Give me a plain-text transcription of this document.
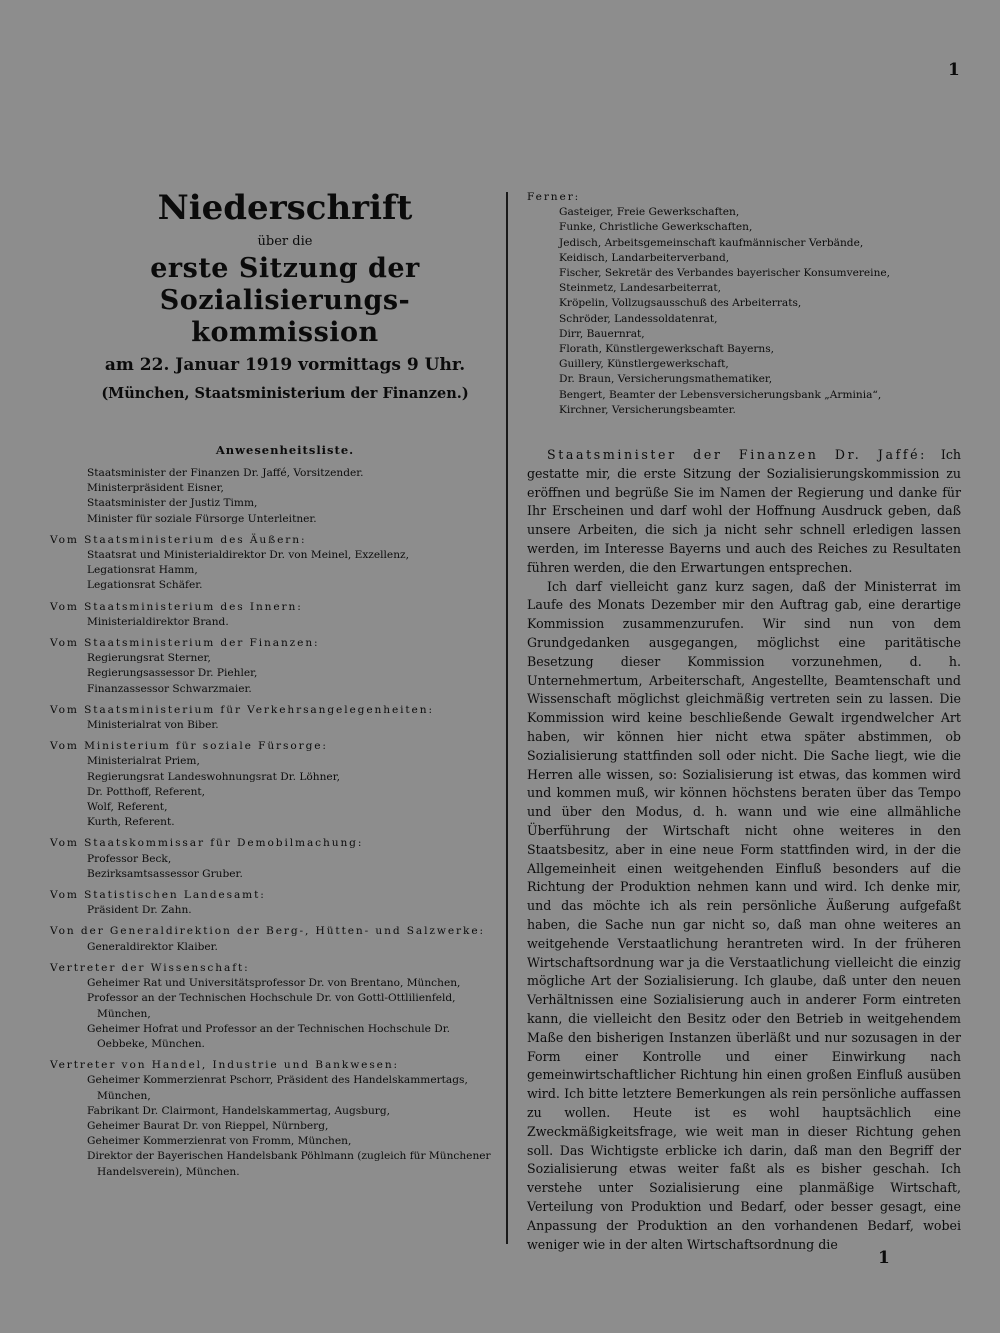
1
1
Niederschrift
über die
erste Sitzung der Sozialisierungs-
kommission
am 22. Januar 1919 vormittags 9 Uhr.
(München, Staatsministerium der Finanzen.)
Anwesenheitsliste.
Staatsminister der Finanzen Dr. Jaffé, Vorsitzender.
Ministerpräsident Eisner,
Staatsminister der Justiz Timm,
Minister für soziale Fürsorge Unterleitner.
Vom Staatsministerium des Äußern:
Staatsrat und Ministerialdirektor Dr. von Meinel, Exzellenz,
Legationsrat Hamm,
Legationsrat Schäfer.
Vom Staatsministerium des Innern:
Ministerialdirektor Brand.
Vom Staatsministerium der Finanzen:
Regierungsrat Sterner,
Regierungsassessor Dr. Piehler,
Finanzassessor Schwarzmaier.
Vom Staatsministerium für Verkehrsangelegenheiten:
Ministerialrat von Biber.
Vom Ministerium für soziale Fürsorge:
Ministerialrat Priem,
Regierungsrat Landeswohnungsrat Dr. Löhner,
Dr. Potthoff, Referent,
Wolf, Referent,
Kurth, Referent.
Vom Staatskommissar für Demobilmachung:
Professor Beck,
Bezirksamtsassessor Gruber.
Vom Statistischen Landesamt:
Präsident Dr. Zahn.
Von der Generaldirektion der Berg-, Hütten- und Salzwerke:
Generaldirektor Klaiber.
Vertreter der Wissenschaft:
Geheimer Rat und Universitätsprofessor Dr. von Brentano, München,
Professor an der Technischen Hochschule Dr. von Gottl-Ottlilienfeld, München,
Geheimer Hofrat und Professor an der Technischen Hochschule Dr. Oebbeke, München.
Vertreter von Handel, Industrie und Bankwesen:
Geheimer Kommerzienrat Pschorr, Präsident des Handelskammertags, München,
Fabrikant Dr. Clairmont, Handelskammertag, Augsburg,
Geheimer Baurat Dr. von Rieppel, Nürnberg,
Geheimer Kommerzienrat von Fromm, München,
Direktor der Bayerischen Handelsbank Pöhlmann (zugleich für Münchener Handelsverein), München.
Ferner:
Gasteiger, Freie Gewerkschaften,
Funke, Christliche Gewerkschaften,
Jedisch, Arbeitsgemeinschaft kaufmännischer Verbände,
Keidisch, Landarbeiterverband,
Fischer, Sekretär des Verbandes bayerischer Konsumvereine,
Steinmetz, Landesarbeiterrat,
Kröpelin, Vollzugsausschuß des Arbeiterrats,
Schröder, Landessoldatenrat,
Dirr, Bauernrat,
Florath, Künstlergewerkschaft Bayerns,
Guillery, Künstlergewerkschaft,
Dr. Braun, Versicherungsmathematiker,
Bengert, Beamter der Lebensversicherungsbank „Arminia“,
Kirchner, Versicherungsbeamter.

Staatsminister der Finanzen Dr. Jaffé: Ich gestatte mir, die erste Sitzung der Sozialisierungskommission zu eröffnen und begrüße Sie im Namen der Regierung und danke für Ihr Erscheinen und darf wohl der Hoffnung Ausdruck geben, daß unsere Arbeiten, die sich ja nicht sehr schnell erledigen lassen werden, im Interesse Bayerns und auch des Reiches zu Resultaten führen werden, die den Erwartungen entsprechen.

Ich darf vielleicht ganz kurz sagen, daß der Ministerrat im Laufe des Monats Dezember mir den Auftrag gab, eine derartige Kommission zusammenzurufen. Wir sind nun von dem Grundgedanken ausgegangen, möglichst eine paritätische Besetzung dieser Kommission vorzunehmen, d. h. Unternehmertum, Arbeiterschaft, Angestellte, Beamtenschaft und Wissenschaft möglichst gleichmäßig vertreten sein zu lassen. Die Kommission wird keine beschließende Gewalt irgendwelcher Art haben, wir können hier nicht etwa später abstimmen, ob Sozialisierung stattfinden soll oder nicht. Die Sache liegt, wie die Herren alle wissen, so: Sozialisierung ist etwas, das kommen wird und kommen muß, wir können höchstens beraten über das Tempo und über den Modus, d. h. wann und wie eine allmähliche Überführung der Wirtschaft nicht ohne weiteres in den Staatsbesitz, aber in eine neue Form stattfinden wird, in der die Allgemeinheit einen weitgehenden Einfluß besonders auf die Richtung der Produktion nehmen kann und wird. Ich denke mir, und das möchte ich als rein persönliche Äußerung aufgefaßt haben, die Sache nun gar nicht so, daß man ohne weiteres an weitgehende Verstaatlichung herantreten wird. In der früheren Wirtschaftsordnung war ja die Verstaatlichung vielleicht die einzig mögliche Art der Sozialisierung. Ich glaube, daß unter den neuen Verhältnissen eine Sozialisierung auch in anderer Form eintreten kann, die vielleicht den Besitz oder den Betrieb in weitgehendem Maße den bisherigen Instanzen überläßt und nur sozusagen in der Form einer Kontrolle und einer Einwirkung nach gemeinwirtschaftlicher Richtung hin einen großen Einfluß ausüben wird. Ich bitte letztere Bemerkungen als rein persönliche auffassen zu wollen. Heute ist es wohl hauptsächlich eine Zweckmäßigkeitsfrage, wie weit man in dieser Richtung gehen soll. Das Wichtigste erblicke ich darin, daß man den Begriff der Sozialisierung etwas weiter faßt als es bisher geschah. Ich verstehe unter Sozialisierung eine planmäßige Wirtschaft, Verteilung von Produktion und Bedarf, oder besser gesagt, eine Anpassung der Produktion an den vorhandenen Bedarf, wobei weniger wie in der alten Wirtschaftsordnung die
